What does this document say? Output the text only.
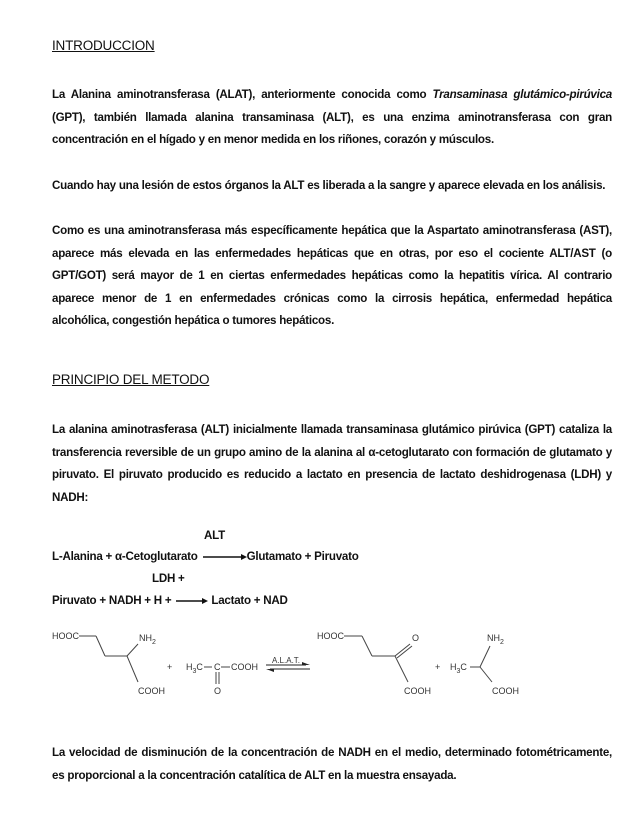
INTRODUCCION
La Alanina aminotransferasa (ALAT), anteriormente conocida como Transaminasa glutámico-pirúvica (GPT), también llamada alanina transaminasa (ALT), es una enzima aminotransferasa con gran concentración en el hígado y en menor medida en los riñones, corazón y músculos.
Cuando hay una lesión de estos órganos la ALT es liberada a la sangre y aparece elevada en los análisis.
Como es una aminotransferasa más específicamente hepática que la Aspartato aminotransferasa (AST), aparece más elevada en las enfermedades hepáticas que en otras, por eso el cociente ALT/AST (o GPT/GOT) será mayor de 1 en ciertas enfermedades hepáticas como la hepatitis vírica. Al contrario aparece menor de 1 en enfermedades crónicas como la cirrosis hepática, enfermedad hepática alcohólica, congestión hepática o tumores hepáticos.
PRINCIPIO DEL METODO
La alanina aminotrasferasa (ALT) inicialmente llamada transaminasa glutámico pirúvica (GPT) cataliza la transferencia reversible de un grupo amino de la alanina al α-cetoglutarato con formación de glutamato y piruvato. El piruvato producido es reducido a lactato en presencia de lactato deshidrogenasa (LDH) y NADH:
ALT
L-Alanina + α-Cetoglutarato →Glutamato + Piruvato
LDH +
Piruvato + NADH + H + → Lactato + NAD
HOOC	$NH_2$
COOH
+ $H_3C$ C COOH
O
A.L.A.T.
HOOC	O
COOH
+
$NH_2$
$H_3C$
COOH
La velocidad de disminución de la concentración de NADH en el medio, determinado fotométricamente, es proporcional a la concentración catalítica de ALT en la muestra ensayada.
